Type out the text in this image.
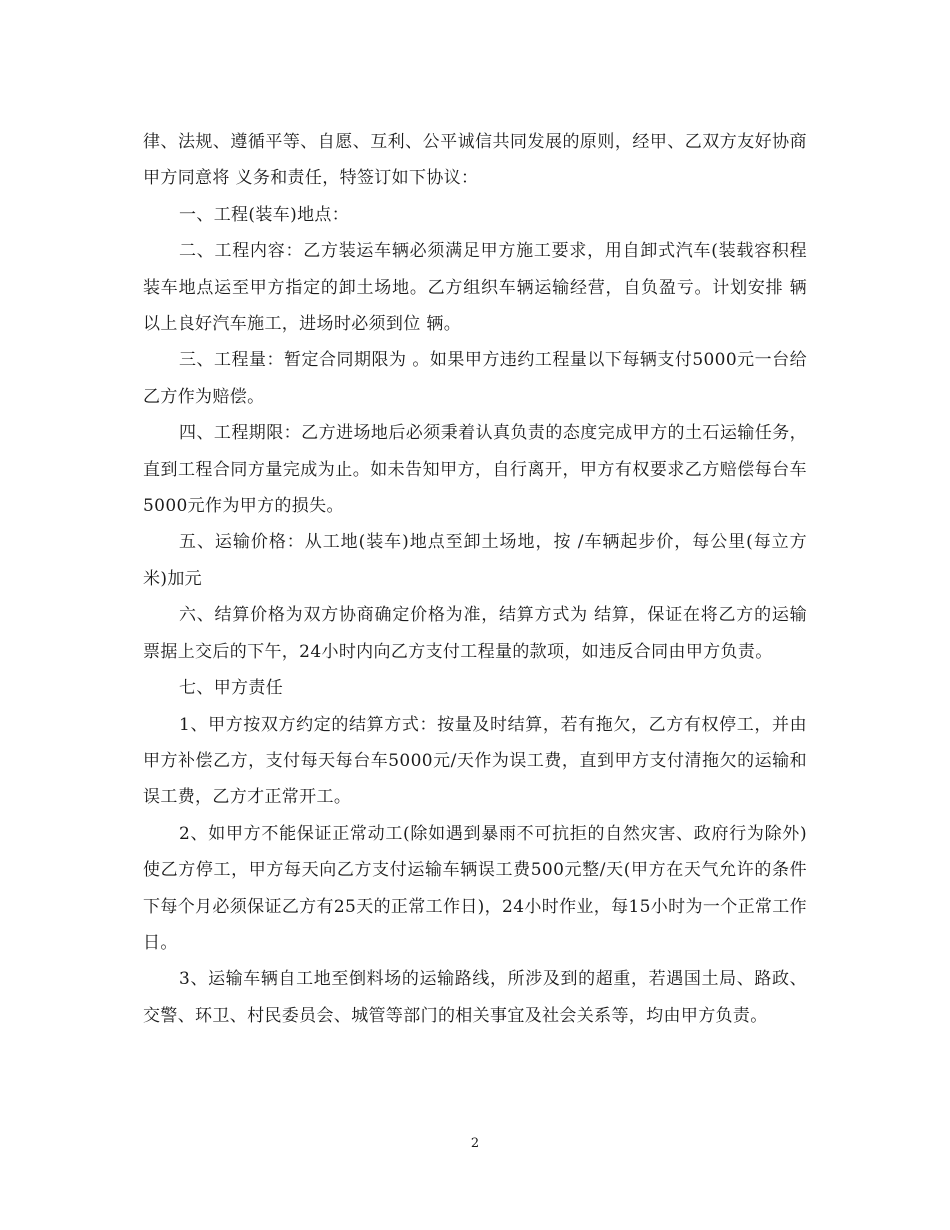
律、法规、遵循平等、自愿、互利、公平诚信共同发展的原则，经甲、乙双方友好协商甲方同意将 义务和责任，特签订如下协议：

一、工程(装车)地点：

二、工程内容：乙方装运车辆必须满足甲方施工要求，用自卸式汽车(装载容积程装车地点运至甲方指定的卸土场地。乙方组织车辆运输经营，自负盈亏。计划安排 辆以上良好汽车施工，进场时必须到位 辆。

三、工程量：暂定合同期限为 。如果甲方违约工程量以下每辆支付5000元一台给乙方作为赔偿。

四、工程期限：乙方进场地后必须秉着认真负责的态度完成甲方的土石运输任务，直到工程合同方量完成为止。如未告知甲方，自行离开，甲方有权要求乙方赔偿每台车5000元作为甲方的损失。

五、运输价格：从工地(装车)地点至卸土场地，按 /车辆起步价，每公里(每立方米)加元

六、结算价格为双方协商确定价格为准，结算方式为 结算，保证在将乙方的运输票据上交后的下午，24小时内向乙方支付工程量的款项，如违反合同由甲方负责。

七、甲方责任

1、甲方按双方约定的结算方式：按量及时结算，若有拖欠，乙方有权停工，并由甲方补偿乙方，支付每天每台车5000元/天作为误工费，直到甲方支付清拖欠的运输和误工费，乙方才正常开工。

2、如甲方不能保证正常动工(除如遇到暴雨不可抗拒的自然灾害、政府行为除外)使乙方停工，甲方每天向乙方支付运输车辆误工费500元整/天(甲方在天气允许的条件下每个月必须保证乙方有25天的正常工作日)，24小时作业，每15小时为一个正常工作日。

3、运输车辆自工地至倒料场的运输路线，所涉及到的超重，若遇国土局、路政、交警、环卫、村民委员会、城管等部门的相关事宜及社会关系等，均由甲方负责。

2
